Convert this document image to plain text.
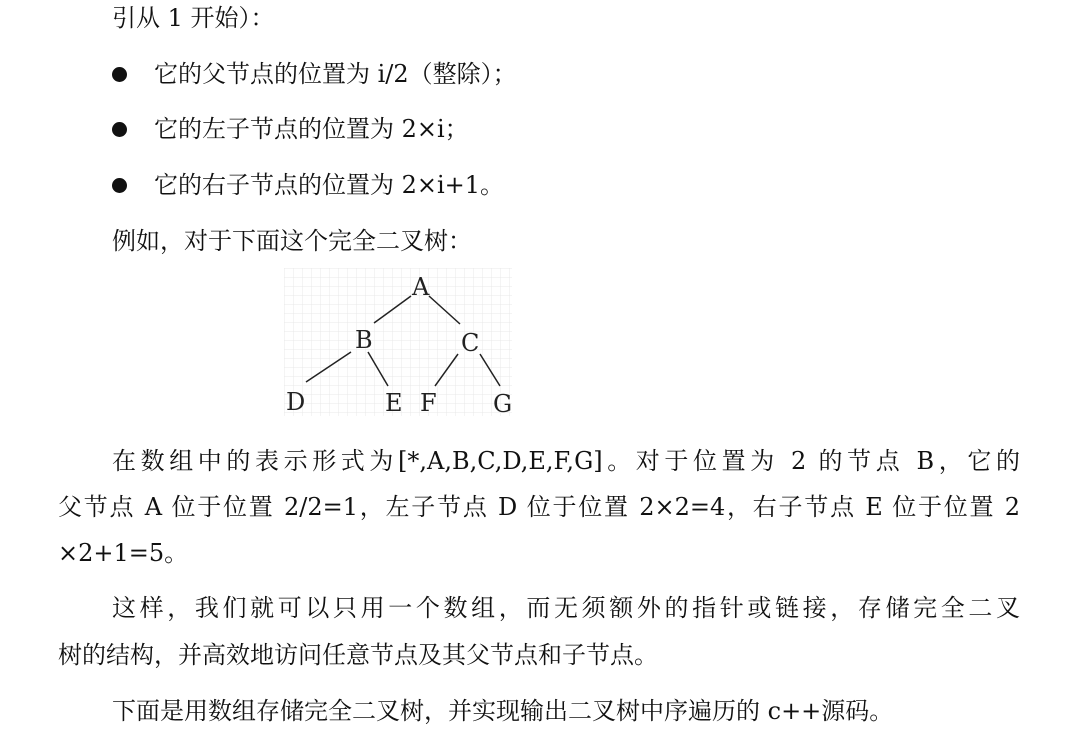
引从 1 开始）：
它的父节点的位置为 i/2（整除）；
它的左子节点的位置为 2×i；
它的右子节点的位置为 2×i+1。
例如，对于下面这个完全二叉树：
A
B	C
D	E F G
在数组中的表示形式为[*,A,B,C,D,E,F,G]。对于位置为 2 的节点 B，它的
父节点 A 位于位置 2/2=1，左子节点 D 位于位置 2×2=4，右子节点 E 位于位置 2
×2+1=5。
这样，我们就可以只用一个数组，而无须额外的指针或链接，存储完全二叉
树的结构，并高效地访问任意节点及其父节点和子节点。
下面是用数组存储完全二叉树，并实现输出二叉树中序遍历的 c++源码。
